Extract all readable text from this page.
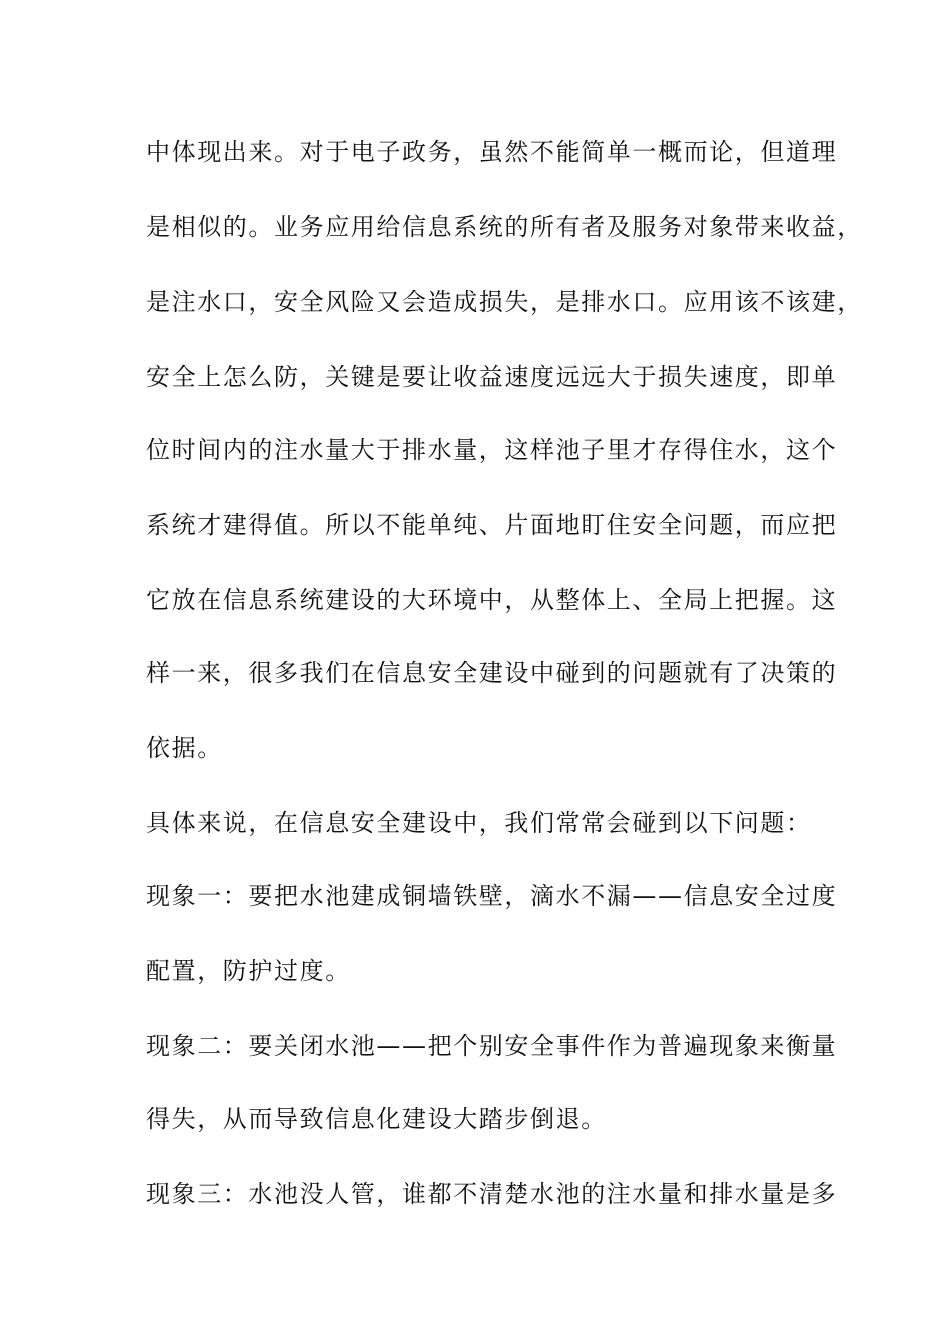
中体现出来。对于电子政务，虽然不能简单一概而论，但道理
是相似的。业务应用给信息系统的所有者及服务对象带来收益，
是注水口，安全风险又会造成损失，是排水口。应用该不该建，
安全上怎么防，关键是要让收益速度远远大于损失速度，即单
位时间内的注水量大于排水量，这样池子里才存得住水，这个
系统才建得值。所以不能单纯、片面地盯住安全问题，而应把
它放在信息系统建设的大环境中，从整体上、全局上把握。这
样一来，很多我们在信息安全建设中碰到的问题就有了决策的
依据。
具体来说，在信息安全建设中，我们常常会碰到以下问题：
现象一：要把水池建成铜墙铁壁，滴水不漏——信息安全过度
配置，防护过度。
现象二：要关闭水池——把个别安全事件作为普遍现象来衡量
得失，从而导致信息化建设大踏步倒退。
现象三：水池没人管，谁都不清楚水池的注水量和排水量是多
